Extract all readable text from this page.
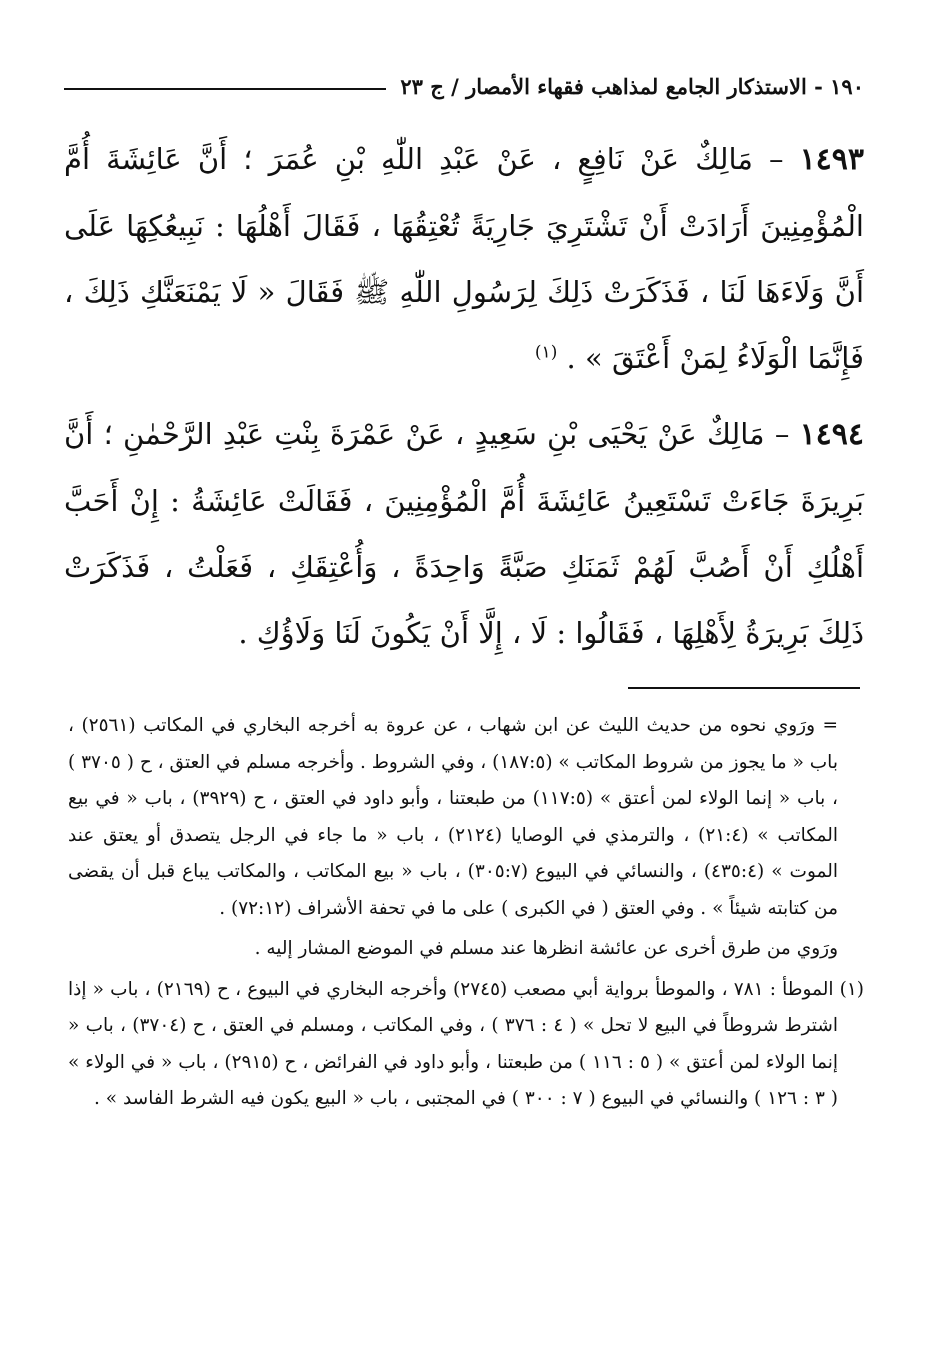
١٩٠ - الاستذكار الجامع لمذاهب فقهاء الأمصار / ج ٢٣

١٤٩٣ – مَالِكٌ عَنْ نَافِعٍ ، عَنْ عَبْدِ اللّٰهِ بْنِ عُمَرَ ؛ أَنَّ عَائِشَةَ أُمَّ الْمُؤْمِنِينَ أَرَادَتْ أَنْ تَشْتَرِيَ جَارِيَةً تُعْتِقُهَا ، فَقَالَ أَهْلُهَا : نَبِيعُكِهَا عَلَى أَنَّ وَلَاءَهَا لَنَا ، فَذَكَرَتْ ذَلِكَ لِرَسُولِ اللّٰهِ ﷺ فَقَالَ « لَا يَمْنَعَنَّكِ ذَلِكَ ، فَإِنَّمَا الْوَلَاءُ لِمَنْ أَعْتَقَ » . $^{(١)}$

١٤٩٤ – مَالِكٌ عَنْ يَحْيَى بْنِ سَعِيدٍ ، عَنْ عَمْرَةَ بِنْتِ عَبْدِ الرَّحْمٰنِ ؛ أَنَّ بَرِيرَةَ جَاءَتْ تَسْتَعِينُ عَائِشَةَ أُمَّ الْمُؤْمِنِينَ ، فَقَالَتْ عَائِشَةُ : إِنْ أَحَبَّ أَهْلُكِ أَنْ أَصُبَّ لَهُمْ ثَمَنَكِ صَبَّةً وَاحِدَةً ، وَأُعْتِقَكِ ، فَعَلْتُ ، فَذَكَرَتْ ذَلِكَ بَرِيرَةُ لِأَهْلِهَا ، فَقَالُوا : لَا ، إِلَّا أَنْ يَكُونَ لَنَا وَلَاؤُكِ .

= ورَوي نحوه من حديث الليث عن ابن شهاب ، عن عروة به أخرجه البخاري في المكاتب (٢٥٦١) ، باب « ما يجوز من شروط المكاتب » (١٨٧:٥) ، وفي الشروط . وأخرجه مسلم في العتق ، ح ( ٣٧٠٥ ) ، باب « إنما الولاء لمن أعتق » (١١٧:٥) من طبعتنا ، وأبو داود في العتق ، ح (٣٩٢٩) ، باب « في بيع المكاتب » (٢١:٤) ، والترمذي في الوصايا (٢١٢٤) ، باب « ما جاء في الرجل يتصدق أو يعتق عند الموت » (٤٣٥:٤) ، والنسائي في البيوع (٣٠٥:٧) ، باب « بيع المكاتب ، والمكاتب يباع قبل أن يقضى من كتابته شيئاً » . وفي العتق ( في الكبرى ) على ما في تحفة الأشراف (٧٢:١٢) .

ورَوي من طرق أخرى عن عائشة انظرها عند مسلم في الموضع المشار إليه .

(١) الموطأ : ٧٨١ ، والموطأ برواية أبي مصعب (٢٧٤٥) وأخرجه البخاري في البيوع ، ح (٢١٦٩) ، باب « إذا اشترط شروطاً في البيع لا تحل » ( ٤ : ٣٧٦ ) ، وفي المكاتب ، ومسلم في العتق ، ح (٣٧٠٤) ، باب « إنما الولاء لمن أعتق » ( ٥ : ١١٦ ) من طبعتنا ، وأبو داود في الفرائض ، ح (٢٩١٥) ، باب « في الولاء » ( ٣ : ١٢٦ ) والنسائي في البيوع ( ٧ : ٣٠٠ ) في المجتبى ، باب « البيع يكون فيه الشرط الفاسد » .
